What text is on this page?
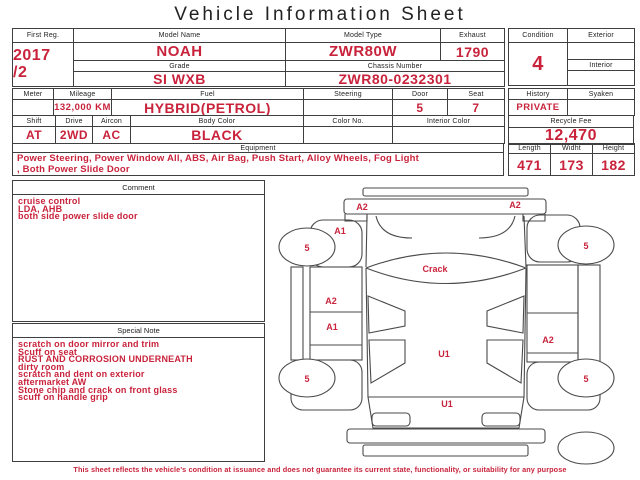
Vehicle Information Sheet
First Reg.	Model Name	Model Type	Exhaust

2017
/2	NOAH	ZWR80W	1790
	Grade	Chassis Number	
	SI WXB	ZWR80-0232301	
Meter	Mileage	Fuel	Steering	Door	Seat
	132,000 KM	HYBRID(PETROL)		5	7
Shift	Drive	Aircon	Body Color	Color No.	Interior Color
AT	2WD	AC	BLACK		
Equipment

Power Steering, Power Window All, ABS, Air Bag, Push Start, Alloy Wheels, Fog Light
, Both Power Slide Door
Condition	Exterior
4	
	Interior

History	Syaken
PRIVATE	
Recycle Fee
12,470
Length	Widht	Height
471	173	182
Comment
cruise control
LDA, AHB
both side power slide door
Special Note
scratch on door mirror and trim
Scuff on seat
RUST AND CORROSION UNDERNEATH
dirty room
scratch and dent on exterior
aftermarket AW
Stone chip and crack on front glass
scuff on handle grip
A2	A2
A1
5	5
Crack
A2
A1
A2
U1
5	5
U1
This sheet reflects the vehicle's condition at issuance and does not guarantee its current state, functionality, or suitability for any purpose
